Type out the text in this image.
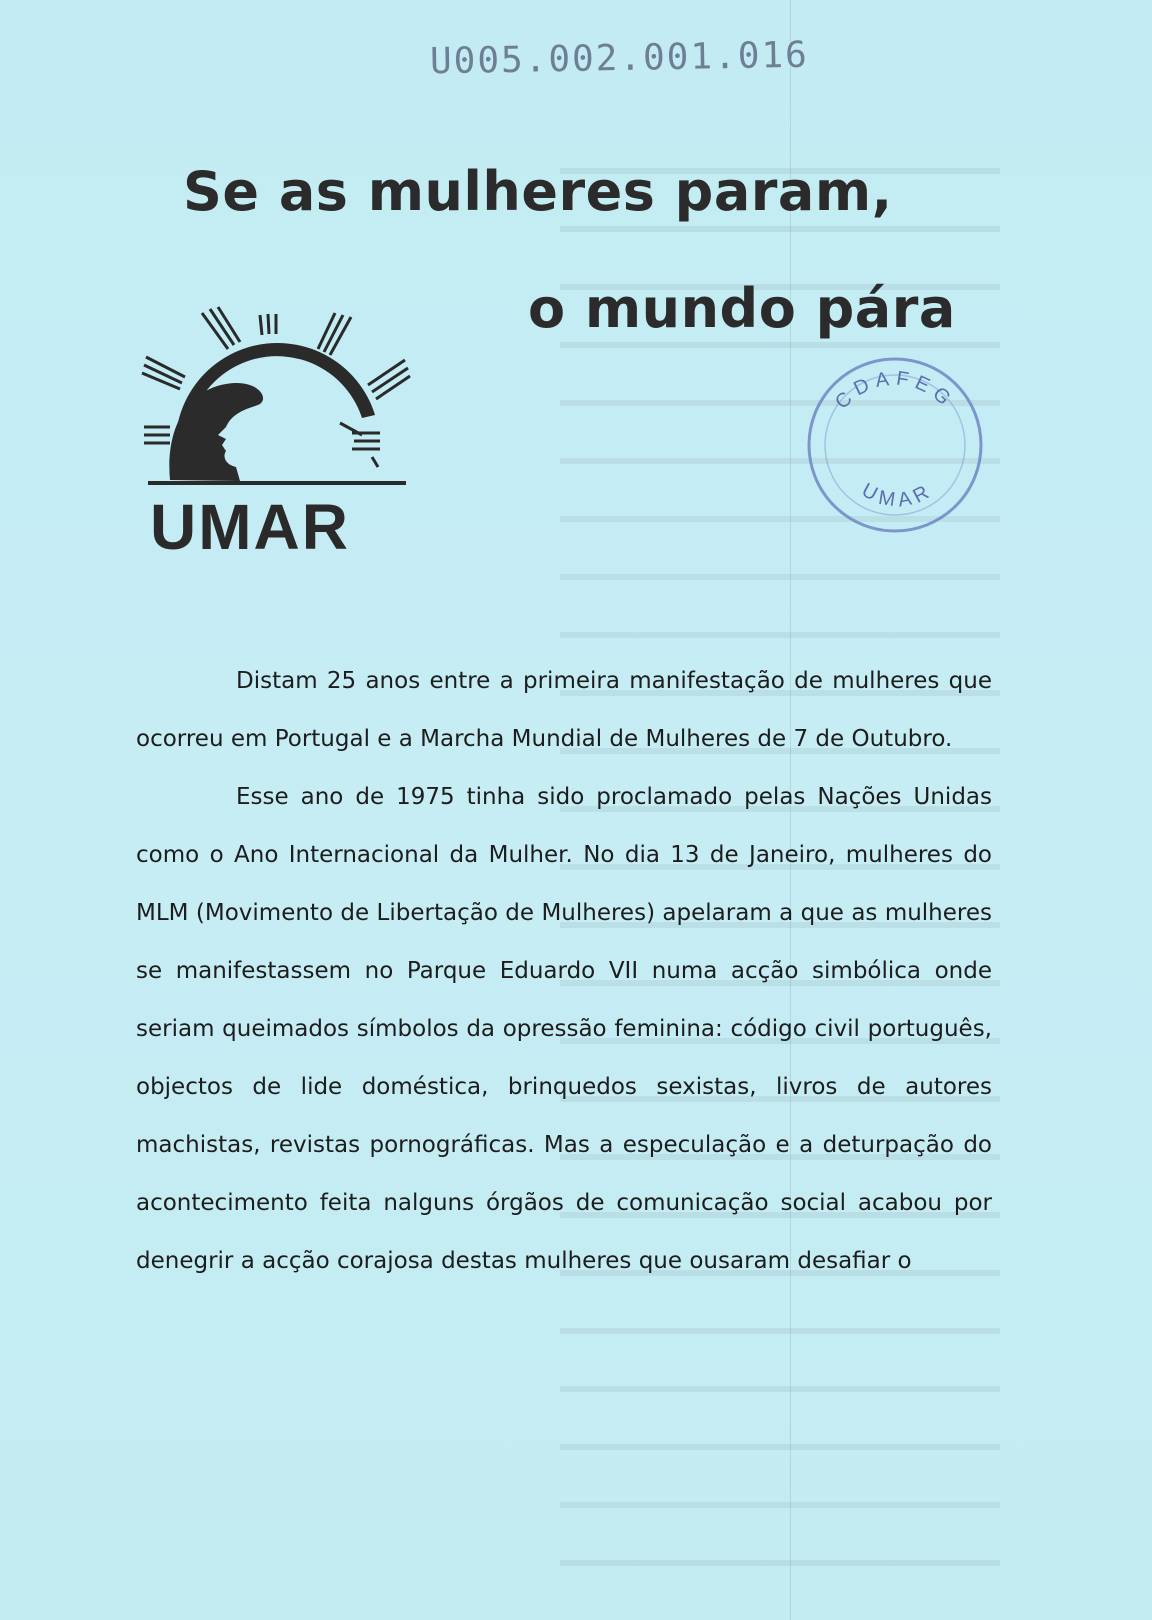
U005.002.001.016
Se as mulheres param,
o mundo pára
UMAR
CDAFEG
UMAR

Distam 25 anos entre a primeira manifestação de mulheres que ocorreu em Portugal e a Marcha Mundial de Mulheres de 7 de Outubro.

Esse ano de 1975 tinha sido proclamado pelas Nações Unidas como o Ano Internacional da Mulher. No dia 13 de Janeiro, mulheres do MLM (Movimento de Libertação de Mulheres) apelaram a que as mulheres se manifestassem no Parque Eduardo VII numa acção simbólica onde seriam queimados símbolos da opressão feminina: código civil português, objectos de lide doméstica, brinquedos sexistas, livros de autores machistas, revistas pornográficas. Mas a especulação e a deturpação do acontecimento feita nalguns órgãos de comunicação social acabou por denegrir a acção corajosa destas mulheres que ousaram desafiar o
